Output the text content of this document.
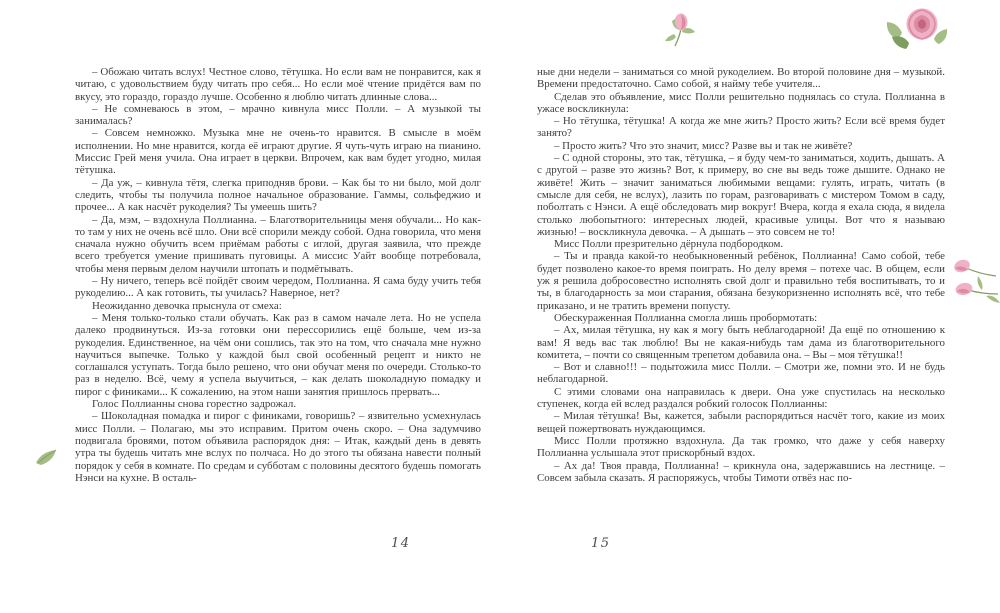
– Обожаю читать вслух! Честное слово, тётушка. Но если вам не понравится, как я читаю, с удовольствием буду читать про себя... Но если моё чтение придётся вам по вкусу, это гораздо, гораздо лучше. Особенно я люблю читать длинные слова...

– Не сомневаюсь в этом, – мрачно кивнула мисс Полли. – А музыкой ты занималась?

– Совсем немножко. Музыка мне не очень-то нравится. В смысле в моём исполнении. Но мне нравится, когда её играют другие. Я чуть-чуть играю на пианино. Миссис Грей меня учила. Она играет в церкви. Впрочем, как вам будет угодно, милая тётушка.

– Да уж, – кивнула тётя, слегка приподняв брови. – Как бы то ни было, мой долг следить, чтобы ты получила полное начальное образование. Гаммы, сольфеджио и прочее... А как насчёт рукоделия? Ты умеешь шить?

– Да, мэм, – вздохнула Поллианна. – Благотворительницы меня обучали... Но как-то там у них не очень всё шло. Они всё спорили между собой. Одна говорила, что меня сначала нужно обучить всем приёмам работы с иглой, другая заявила, что прежде всего требуется умение пришивать пуговицы. А миссис Уайт вообще потребовала, чтобы меня первым делом научили штопать и подмётывать.

– Ну ничего, теперь всё пойдёт своим чередом, Поллианна. Я сама буду учить тебя рукоделию... А как готовить, ты училась? Наверное, нет?

Неожиданно девочка прыснула от смеха:

– Меня только-только стали обучать. Как раз в самом начале лета. Но не успела далеко продвинуться. Из-за готовки они перессорились ещё больше, чем из-за рукоделия. Единственное, на чём они сошлись, так это на том, что сначала мне нужно научиться выпечке. Только у каждой был свой особенный рецепт и никто не соглашался уступать. Тогда было решено, что они обучат меня по очереди. Столько-то раз в неделю. Всё, чему я успела выучиться, – как делать шоколадную помадку и пирог с финиками... К сожалению, на этом наши занятия пришлось прервать...

Голос Поллианны снова горестно задрожал.

– Шоколадная помадка и пирог с финиками, говоришь? – язвительно усмехнулась мисс Полли. – Полагаю, мы это исправим. Притом очень скоро. – Она задумчиво подвигала бровями, потом объявила распорядок дня: – Итак, каждый день в девять утра ты будешь читать мне вслух по полчаса. Но до этого ты обязана навести полный порядок у себя в комнате. По средам и субботам с половины десятого будешь помогать Нэнси на кухне. В осталь-

14

ные дни недели – заниматься со мной рукоделием. Во второй половине дня – музыкой. Времени предостаточно. Само собой, я найму тебе учителя...

Сделав это объявление, мисс Полли решительно поднялась со стула. Поллианна в ужасе воскликнула:

– Но тётушка, тётушка! А когда же мне жить? Просто жить? Если всё время будет занято?

– Просто жить? Что это значит, мисс? Разве вы и так не живёте?

– С одной стороны, это так, тётушка, – я буду чем-то заниматься, ходить, дышать. А с другой – разве это жизнь? Вот, к примеру, во сне вы ведь тоже дышите. Однако не живёте! Жить – значит заниматься любимыми вещами: гулять, играть, читать (в смысле для себя, не вслух), лазить по горам, разговаривать с мистером Томом в саду, поболтать с Нэнси. А ещё обследовать мир вокруг! Вчера, когда я ехала сюда, я видела столько любопытного: интересных людей, красивые улицы. Вот что я называю жизнью! – воскликнула девочка. – А дышать – это совсем не то!

Мисс Полли презрительно дёрнула подбородком.

– Ты и правда какой-то необыкновенный ребёнок, Поллианна! Само собой, тебе будет позволено какое-то время поиграть. Но делу время – потехе час. В общем, если уж я решила добросовестно исполнять свой долг и правильно тебя воспитывать, то и ты, в благодарность за мои старания, обязана безукоризненно исполнять всё, что тебе приказано, и не тратить времени попусту.

Обескураженная Поллианна смогла лишь пробормотать:

– Ах, милая тётушка, ну как я могу быть неблагодарной! Да ещё по отношению к вам! Я ведь вас так люблю! Вы не какая-нибудь там дама из благотворительного комитета, – почти со священным трепетом добавила она. – Вы – моя тётушка!!

– Вот и славно!!! – подытожила мисс Полли. – Смотри же, помни это. И не будь неблагодарной.

С этими словами она направилась к двери. Она уже спустилась на несколько ступенек, когда ей вслед раздался робкий голосок Поллианны:

– Милая тётушка! Вы, кажется, забыли распорядиться насчёт того, какие из моих вещей пожертвовать нуждающимся.

Мисс Полли протяжно вздохнула. Да так громко, что даже у себя наверху Поллианна услышала этот прискорбный вздох.

– Ах да! Твоя правда, Поллианна! – крикнула она, задержавшись на лестнице. – Совсем забыла сказать. Я распоряжусь, чтобы Тимоти отвёз нас по-

15
